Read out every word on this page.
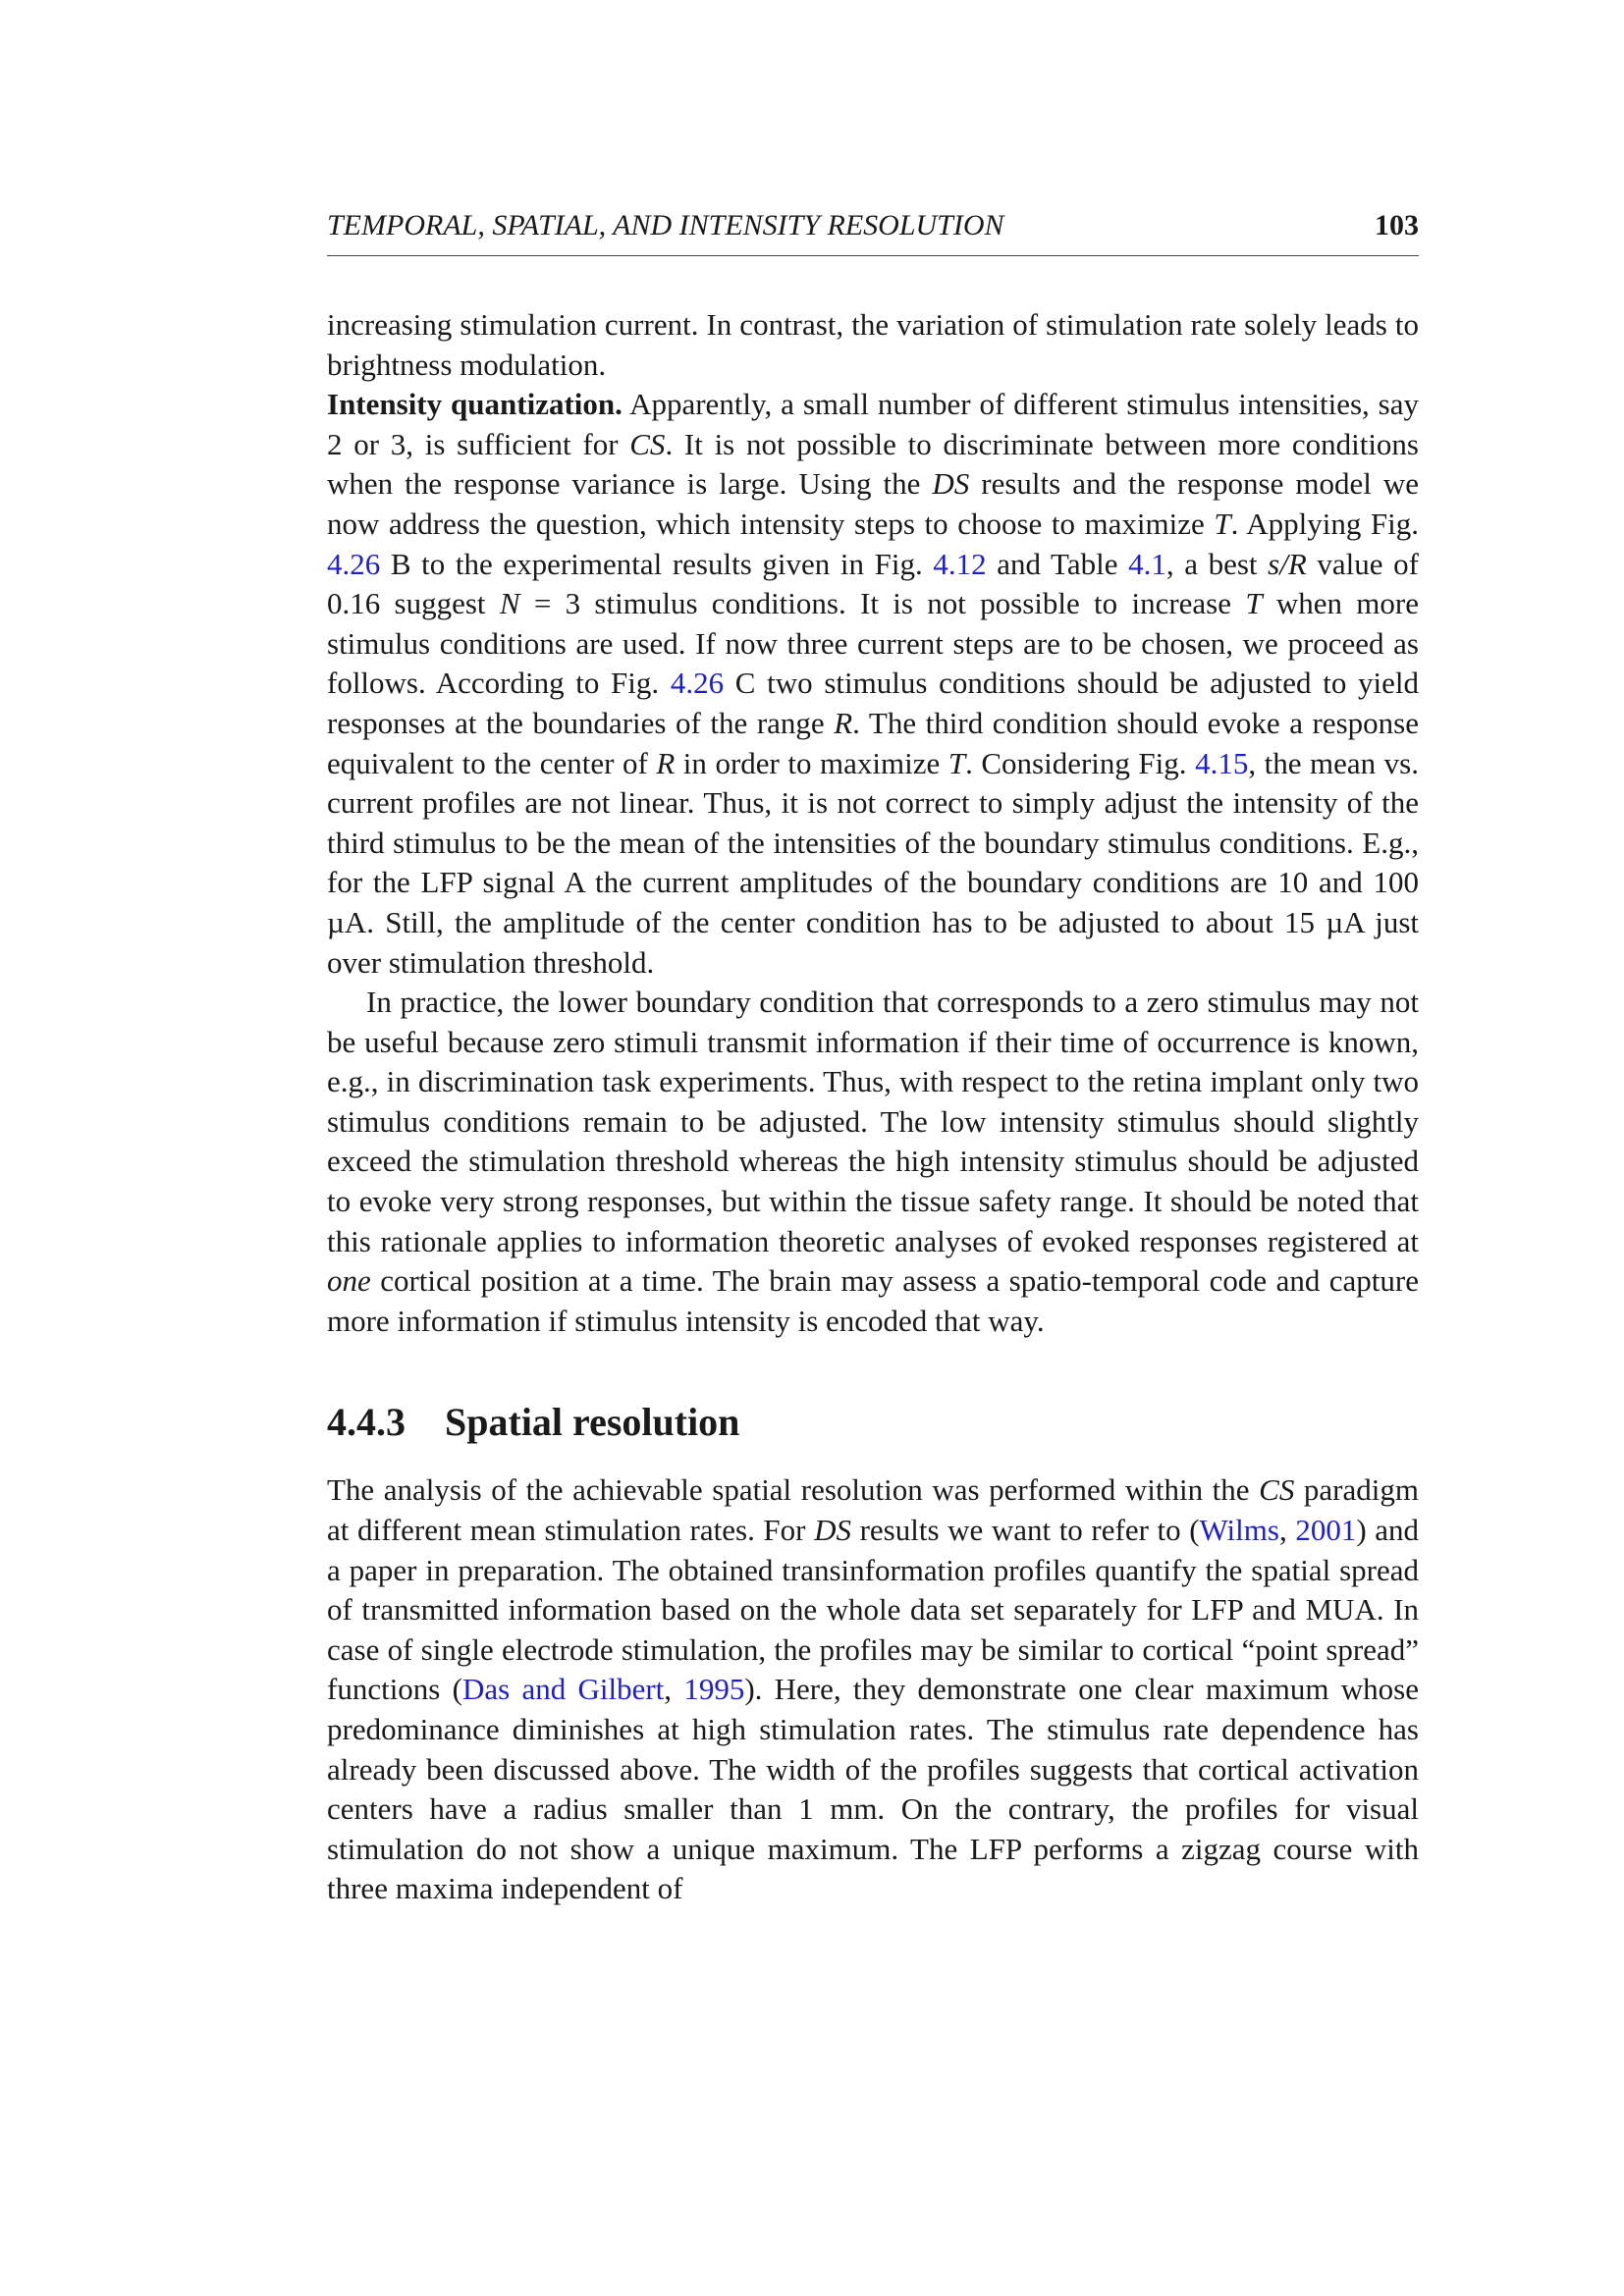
TEMPORAL, SPATIAL, AND INTENSITY RESOLUTION	103

increasing stimulation current. In contrast, the variation of stimulation rate solely leads to brightness modulation.

Intensity quantization. Apparently, a small number of different stimulus intensities, say 2 or 3, is sufficient for CS. It is not possible to discriminate between more conditions when the response variance is large. Using the DS results and the response model we now address the question, which intensity steps to choose to maximize T. Applying Fig. 4.26 B to the experimental results given in Fig. 4.12 and Table 4.1, a best s/R value of 0.16 suggest N = 3 stimulus conditions. It is not possible to increase T when more stimulus conditions are used. If now three current steps are to be chosen, we proceed as follows. According to Fig. 4.26 C two stimulus conditions should be adjusted to yield responses at the boundaries of the range R. The third condition should evoke a response equivalent to the center of R in order to maximize T. Considering Fig. 4.15, the mean vs. current profiles are not linear. Thus, it is not correct to simply adjust the intensity of the third stimulus to be the mean of the intensities of the boundary stimulus conditions. E.g., for the LFP signal A the current amplitudes of the boundary conditions are 10 and 100 µA. Still, the amplitude of the center condition has to be adjusted to about 15 µA just over stimulation threshold.

In practice, the lower boundary condition that corresponds to a zero stimulus may not be useful because zero stimuli transmit information if their time of occurrence is known, e.g., in discrimination task experiments. Thus, with respect to the retina implant only two stimulus conditions remain to be adjusted. The low intensity stimulus should slightly exceed the stimulation threshold whereas the high intensity stimulus should be adjusted to evoke very strong responses, but within the tissue safety range. It should be noted that this rationale applies to information theoretic analyses of evoked responses registered at one cortical position at a time. The brain may assess a spatio-temporal code and capture more information if stimulus intensity is encoded that way.

4.4.3	Spatial resolution

The analysis of the achievable spatial resolution was performed within the CS paradigm at different mean stimulation rates. For DS results we want to refer to (Wilms, 2001) and a paper in preparation. The obtained transinformation profiles quantify the spatial spread of transmitted information based on the whole data set separately for LFP and MUA. In case of single electrode stimulation, the profiles may be similar to cortical “point spread” functions (Das and Gilbert, 1995). Here, they demonstrate one clear maximum whose predominance diminishes at high stimulation rates. The stimulus rate dependence has already been discussed above. The width of the profiles suggests that cortical activation centers have a radius smaller than 1 mm. On the contrary, the profiles for visual stimulation do not show a unique maximum. The LFP performs a zigzag course with three maxima independent of
